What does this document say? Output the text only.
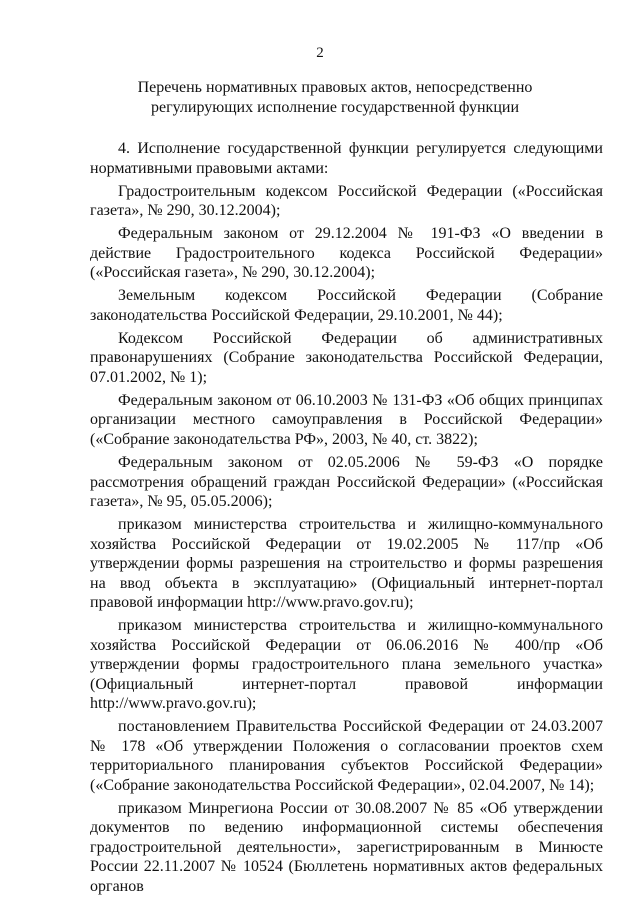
2
Перечень нормативных правовых актов, непосредственно
регулирующих исполнение государственной функции

4. Исполнение государственной функции регулируется следующими нормативными правовыми актами:

Градостроительным кодексом Российской Федерации («Российская газета», № 290, 30.12.2004);

Федеральным законом от 29.12.2004 № 191-ФЗ «О введении в действие Градостроительного кодекса Российской Федерации» («Российская газета», № 290, 30.12.2004);

Земельным кодексом Российской Федерации (Собрание законодательства Российской Федерации, 29.10.2001, № 44);

Кодексом Российской Федерации об административных правонарушениях (Собрание законодательства Российской Федерации, 07.01.2002, № 1);

Федеральным законом от 06.10.2003 № 131-ФЗ «Об общих принципах организации местного самоуправления в Российской Федерации» («Собрание законодательства РФ», 2003, № 40, ст. 3822);

Федеральным законом от 02.05.2006 № 59-ФЗ «О порядке рассмотрения обращений граждан Российской Федерации» («Российская газета», № 95, 05.05.2006);

приказом министерства строительства и жилищно-коммунального хозяйства Российской Федерации от 19.02.2005 № 117/пр «Об утверждении формы разрешения на строительство и формы разрешения на ввод объекта в эксплуатацию» (Официальный интернет-портал правовой информации http://www.pravo.gov.ru);

приказом министерства строительства и жилищно-коммунального хозяйства Российской Федерации от 06.06.2016 № 400/пр «Об утверждении формы градостроительного плана земельного участка» (Официальный интернет-портал правовой информации http://www.pravo.gov.ru);

постановлением Правительства Российской Федерации от 24.03.2007 № 178 «Об утверждении Положения о согласовании проектов схем территориального планирования субъектов Российской Федерации» («Собрание законодательства Российской Федерации», 02.04.2007, № 14);

приказом Минрегиона России от 30.08.2007 № 85 «Об утверждении документов по ведению информационной системы обеспечения градостроительной деятельности», зарегистрированным в Минюсте России 22.11.2007 № 10524 (Бюллетень нормативных актов федеральных органов
